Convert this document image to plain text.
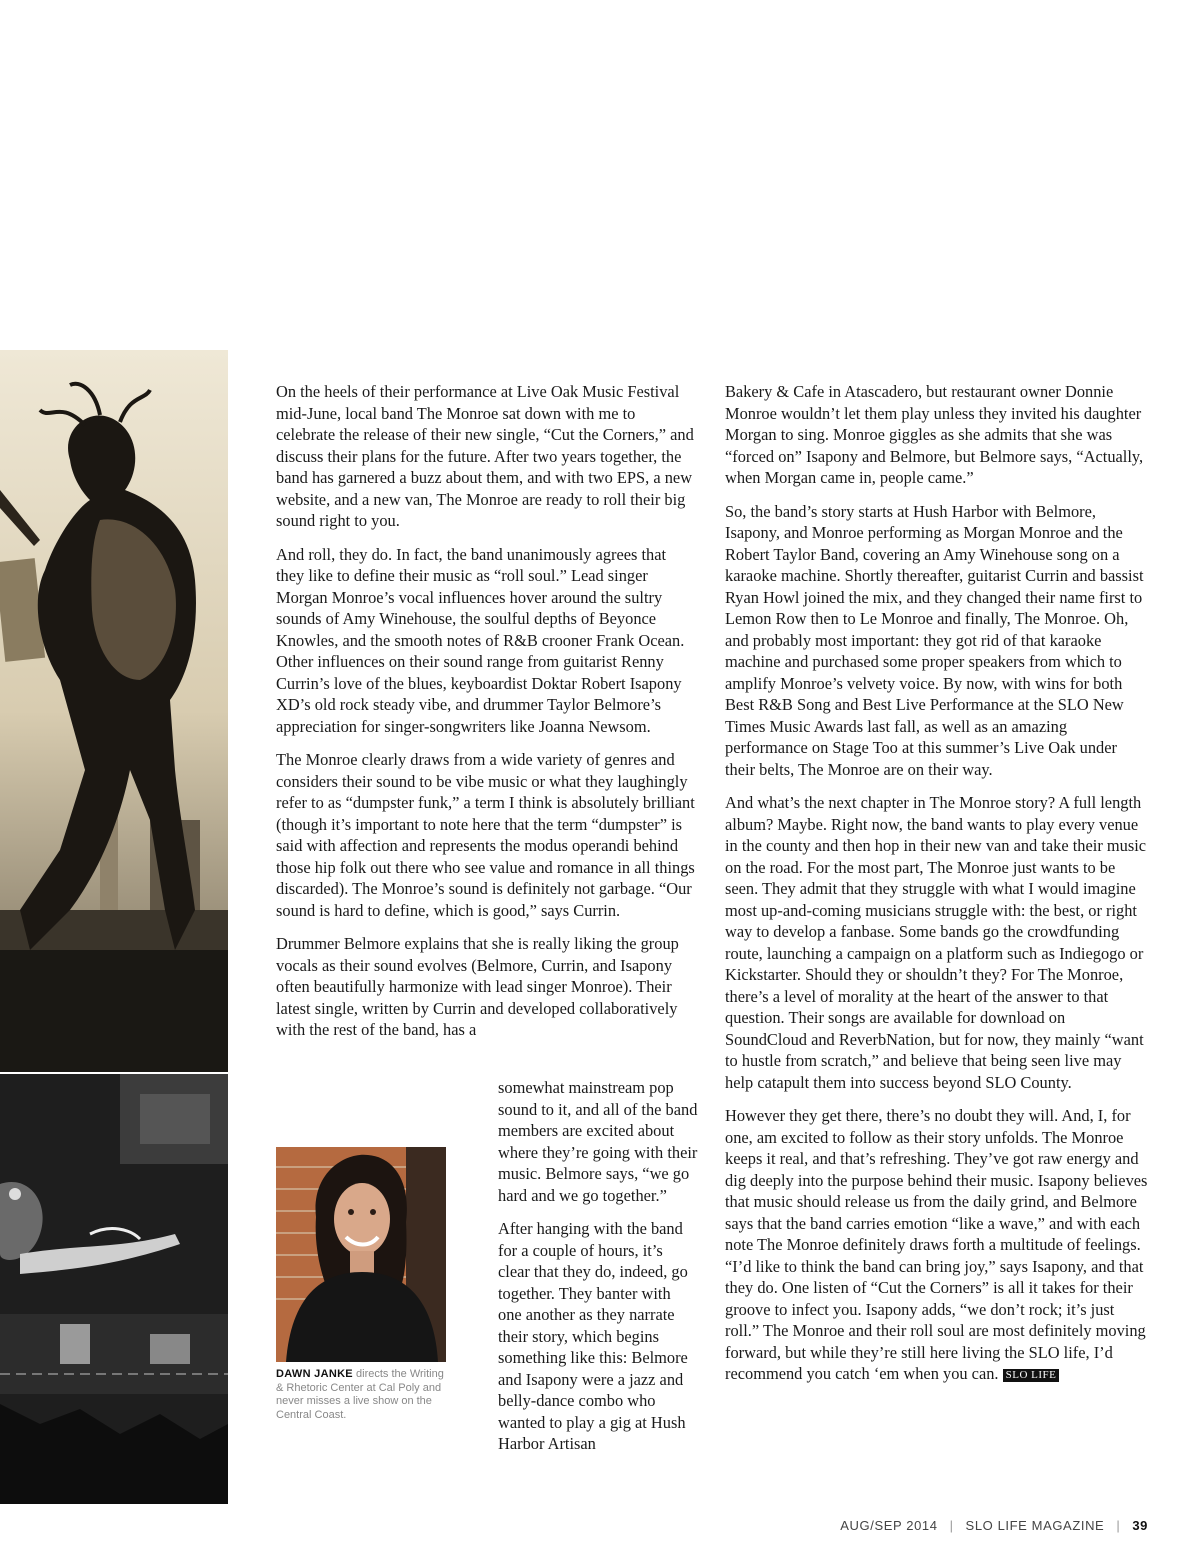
On the heels of their performance at Live Oak Music Festival mid-June, local band The Monroe sat down with me to celebrate the release of their new single, “Cut the Corners,” and discuss their plans for the future. After two years together, the band has garnered a buzz about them, and with two EPS, a new website, and a new van, The Monroe are ready to roll their big sound right to you.

And roll, they do. In fact, the band unanimously agrees that they like to define their music as “roll soul.” Lead singer Morgan Monroe’s vocal influences hover around the sultry sounds of Amy Winehouse, the soulful depths of Beyonce Knowles, and the smooth notes of R&B crooner Frank Ocean. Other influences on their sound range from guitarist Renny Currin’s love of the blues, keyboardist Doktar Robert Isapony XD’s old rock steady vibe, and drummer Taylor Belmore’s appreciation for singer-songwriters like Joanna Newsom.

The Monroe clearly draws from a wide variety of genres and considers their sound to be vibe music or what they laughingly refer to as “dumpster funk,” a term I think is absolutely brilliant (though it’s important to note here that the term “dumpster” is said with affection and represents the modus operandi behind those hip folk out there who see value and romance in all things discarded). The Monroe’s sound is definitely not garbage. “Our sound is hard to define, which is good,” says Currin.

Drummer Belmore explains that she is really liking the group vocals as their sound evolves (Belmore, Currin, and Isapony often beautifully harmonize with lead singer Monroe). Their latest single, written by Currin and developed collaboratively with the rest of the band, has a

DAWN JANKE directs the Writing & Rhetoric Center at Cal Poly and never misses a live show on the Central Coast.

somewhat mainstream pop sound to it, and all of the band members are excited about where they’re going with their music. Belmore says, “we go hard and we go together.”

After hanging with the band for a couple of hours, it’s clear that they do, indeed, go together. They banter with one another as they narrate their story, which begins something like this: Belmore and Isapony were a jazz and belly-dance combo who wanted to play a gig at Hush Harbor Artisan

Bakery & Cafe in Atascadero, but restaurant owner Donnie Monroe wouldn’t let them play unless they invited his daughter Morgan to sing. Monroe giggles as she admits that she was “forced on” Isapony and Belmore, but Belmore says, “Actually, when Morgan came in, people came.”

So, the band’s story starts at Hush Harbor with Belmore, Isapony, and Monroe performing as Morgan Monroe and the Robert Taylor Band, covering an Amy Winehouse song on a karaoke machine. Shortly thereafter, guitarist Currin and bassist Ryan Howl joined the mix, and they changed their name first to Lemon Row then to Le Monroe and finally, The Monroe. Oh, and probably most important: they got rid of that karaoke machine and purchased some proper speakers from which to amplify Monroe’s velvety voice. By now, with wins for both Best R&B Song and Best Live Performance at the SLO New Times Music Awards last fall, as well as an amazing performance on Stage Too at this summer’s Live Oak under their belts, The Monroe are on their way.

And what’s the next chapter in The Monroe story? A full length album? Maybe. Right now, the band wants to play every venue in the county and then hop in their new van and take their music on the road. For the most part, The Monroe just wants to be seen. They admit that they struggle with what I would imagine most up-and-coming musicians struggle with: the best, or right way to develop a fanbase. Some bands go the crowdfunding route, launching a campaign on a platform such as Indiegogo or Kickstarter. Should they or shouldn’t they? For The Monroe, there’s a level of morality at the heart of the answer to that question. Their songs are available for download on SoundCloud and ReverbNation, but for now, they mainly “want to hustle from scratch,” and believe that being seen live may help catapult them into success beyond SLO County.

However they get there, there’s no doubt they will. And, I, for one, am excited to follow as their story unfolds. The Monroe keeps it real, and that’s refreshing. They’ve got raw energy and dig deeply into the purpose behind their music. Isapony believes that music should release us from the daily grind, and Belmore says that the band carries emotion “like a wave,” and with each note The Monroe definitely draws forth a multitude of feelings. “I’d like to think the band can bring joy,” says Isapony, and that they do. One listen of “Cut the Corners” is all it takes for their groove to infect you. Isapony adds, “we don’t rock; it’s just roll.” The Monroe and their roll soul are most definitely moving forward, but while they’re still here living the SLO life, I’d recommend you catch ‘em when you can. SLO LIFE

AUG/SEP 2014 | SLO LIFE MAGAZINE | 39
